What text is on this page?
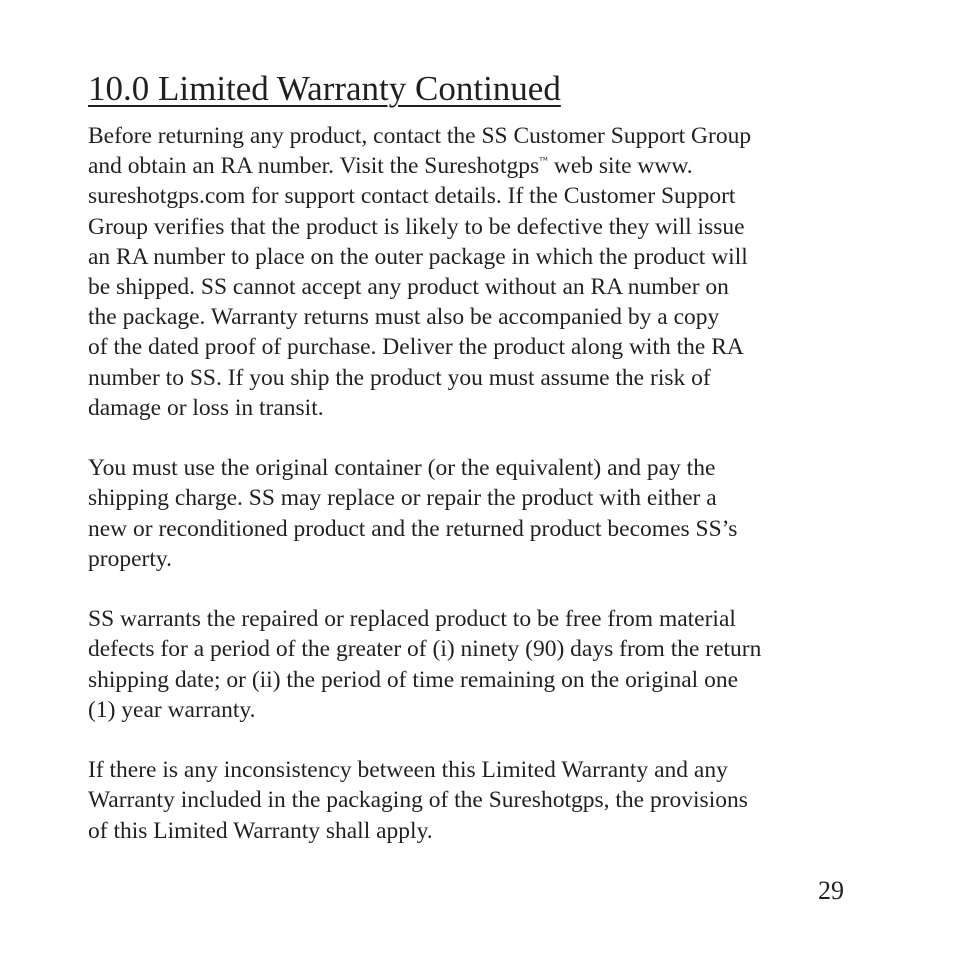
10.0 Limited Warranty Continued

Before returning any product, contact the SS Customer Support Group
and obtain an RA number. Visit the Sureshotgps™ web site www.
sureshotgps.com for support contact details. If the Customer Support
Group verifies that the product is likely to be defective they will issue
an RA number to place on the outer package in which the product will
be shipped. SS cannot accept any product without an RA number on
the package. Warranty returns must also be accompanied by a copy
of the dated proof of purchase. Deliver the product along with the RA
number to SS. If you ship the product you must assume the risk of
damage or loss in transit.

You must use the original container (or the equivalent) and pay the
shipping charge. SS may replace or repair the product with either a
new or reconditioned product and the returned product becomes SS’s
property.

SS warrants the repaired or replaced product to be free from material
defects for a period of the greater of (i) ninety (90) days from the return
shipping date; or (ii) the period of time remaining on the original one
(1) year warranty.

If there is any inconsistency between this Limited Warranty and any
Warranty included in the packaging of the Sureshotgps, the provisions
of this Limited Warranty shall apply.

29
